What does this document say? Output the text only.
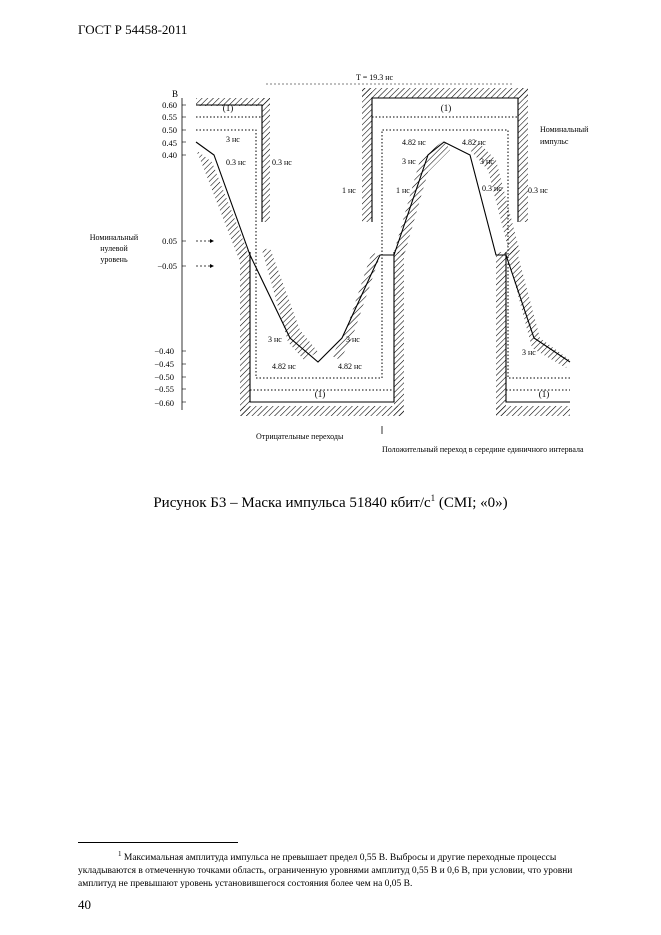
ГОСТ Р 54458-2011
В
0.60
0.55
0.50
0.45
0.40
0.05
−0.05
−0.40
−0.45
−0.50
−0.55
−0.60
(1)	(1)
(1)	(1)
T = 19.3 нс
3 нс
0.3 нс	0.3 нс
1 нс	1 нс
4.82 нс	4.82 нс
3 нс	3 нс
0.3 нс	0.3 нс
3 нс	3 нс
4.82 нс	4.82 нс
3 нс
Номинальный
импульс
Номинальный
нулевой
уровень
Отрицательные переходы
Положительный переход в середине единичного интервала
Рисунок Б3 – Маска импульса 51840 кбит/$с^1$ (CMI; «0»)
$^1$ Максимальная амплитуда импульса не превышает предел 0,55 В. Выбросы и другие переходные процессы укладываются в отмеченную точками область, ограниченную уровнями амплитуд 0,55 В и 0,6 В, при условии, что уровни амплитуд не превышают уровень установившегося состояния более чем на 0,05 В.
40
